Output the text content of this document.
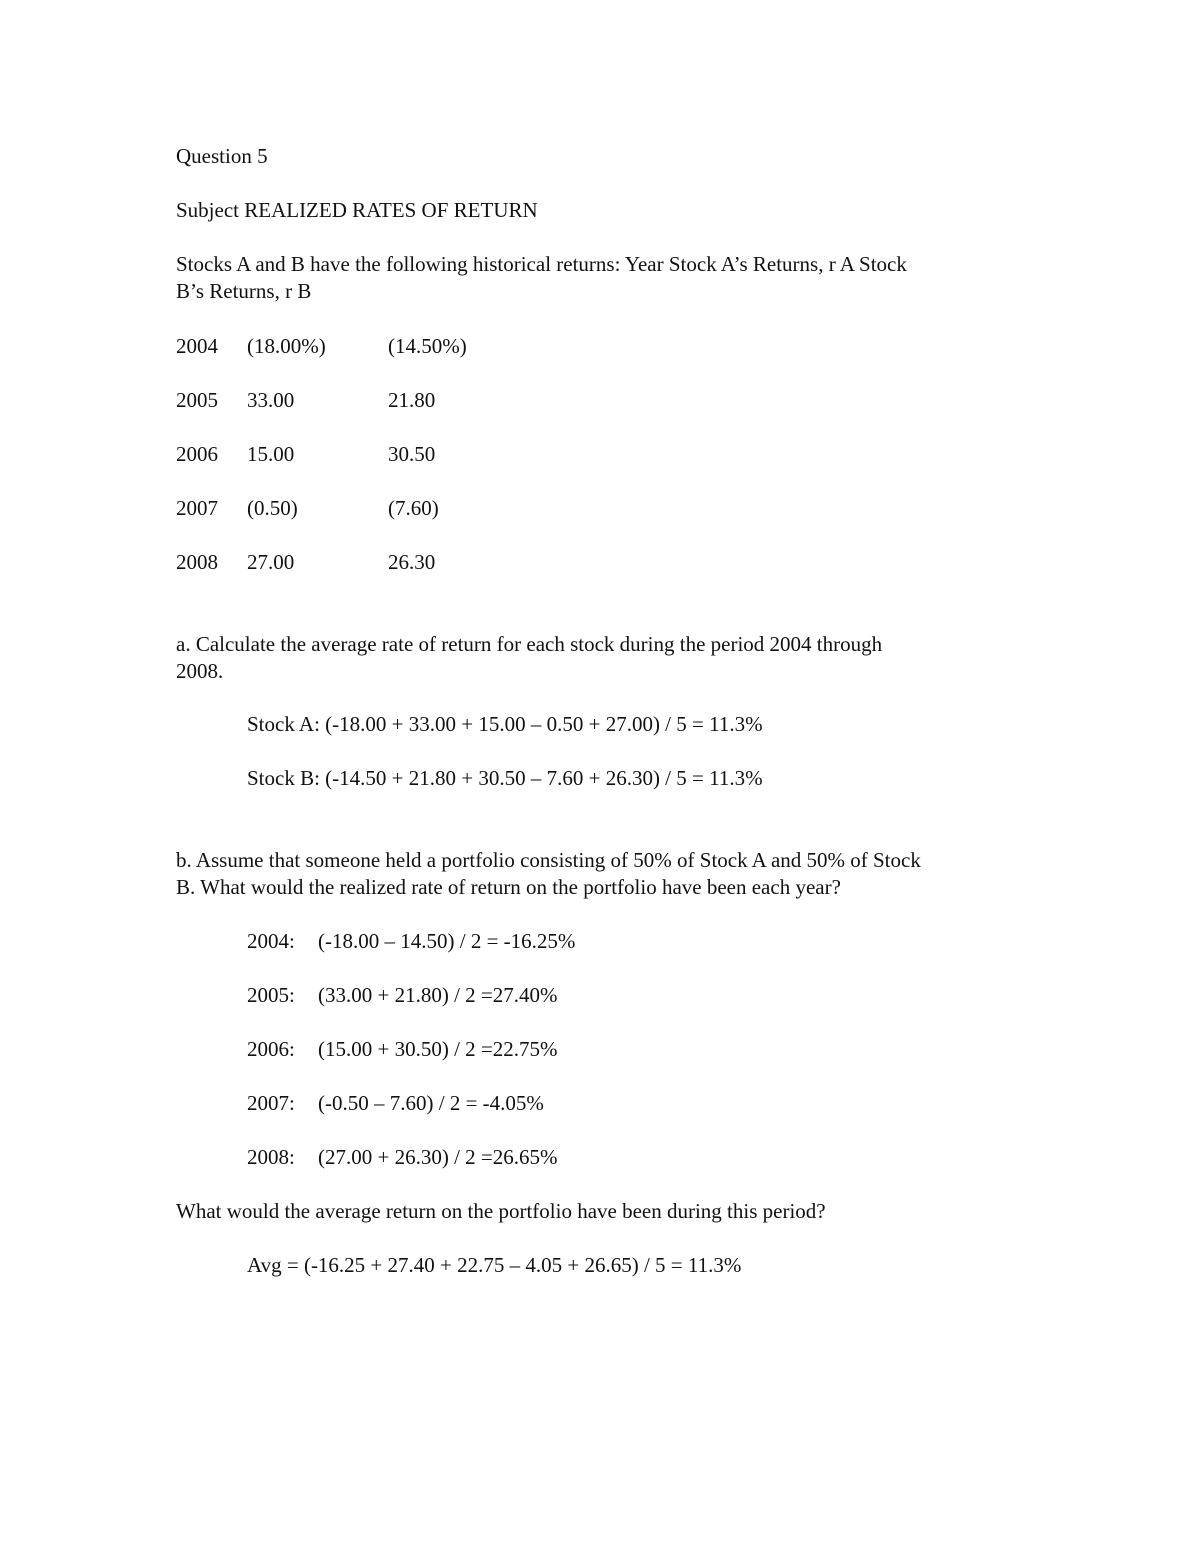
Question 5
Subject REALIZED RATES OF RETURN
Stocks A and B have the following historical returns: Year Stock A’s Returns, r A Stock
B’s Returns, r B
2004 (18.00%)	(14.50%)
2005 33.00	21.80
2006 15.00	30.50
2007 (0.50)	(7.60)
2008 27.00	26.30
a. Calculate the average rate of return for each stock during the period 2004 through
2008.
Stock A: (-18.00 + 33.00 + 15.00 – 0.50 + 27.00) / 5 = 11.3%
Stock B: (-14.50 + 21.80 + 30.50 – 7.60 + 26.30) / 5 = 11.3%
b. Assume that someone held a portfolio consisting of 50% of Stock A and 50% of Stock
B. What would the realized rate of return on the portfolio have been each year?
2004: (-18.00 – 14.50) / 2 = -16.25%
2005: (33.00 + 21.80) / 2 =27.40%
2006: (15.00 + 30.50) / 2 =22.75%
2007: (-0.50 – 7.60) / 2 = -4.05%
2008: (27.00 + 26.30) / 2 =26.65%
What would the average return on the portfolio have been during this period?
Avg = (-16.25 + 27.40 + 22.75 – 4.05 + 26.65) / 5 = 11.3%
